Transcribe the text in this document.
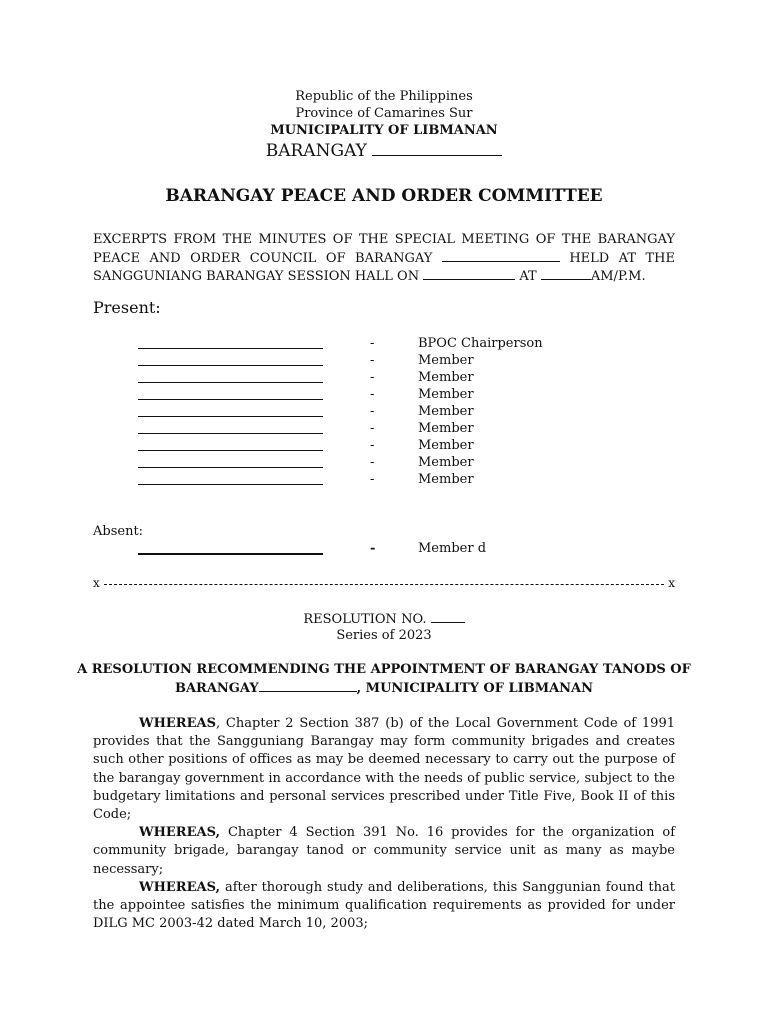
Republic of the Philippines
Province of Camarines Sur
MUNICIPALITY OF LIBMANAN
BARANGAY
BARANGAY PEACE AND ORDER COMMITTEE
EXCERPTS FROM THE MINUTES OF THE SPECIAL MEETING OF THE BARANGAY PEACE AND ORDER COUNCIL OF BARANGAY	HELD AT THE SANGGUNIANG BARANGAY SESSION HALL ON	AT	AM/P.M.
Present:
-	BPOC Chairperson
-	Member
-	Member
-	Member
-	Member
-	Member
-	Member
-	Member
-	Member
Absent:
-	Member d
x	x
RESOLUTION NO.
Series of 2023
A RESOLUTION RECOMMENDING THE APPOINTMENT OF BARANGAY TANODS OF
BARANGAY	, MUNICIPALITY OF LIBMANAN
WHEREAS, Chapter 2 Section 387 (b) of the Local Government Code of 1991 provides that the Sangguniang Barangay may form community brigades and creates such other positions of offices as may be deemed necessary to carry out the purpose of the barangay government in accordance with the needs of public service, subject to the budgetary limitations and personal services prescribed under Title Five, Book II of this Code;
WHEREAS, Chapter 4 Section 391 No. 16 provides for the organization of community brigade, barangay tanod or community service unit as many as maybe necessary;
WHEREAS, after thorough study and deliberations, this Sanggunian found that the appointee satisfies the minimum qualification requirements as provided for under DILG MC 2003-42 dated March 10, 2003;
